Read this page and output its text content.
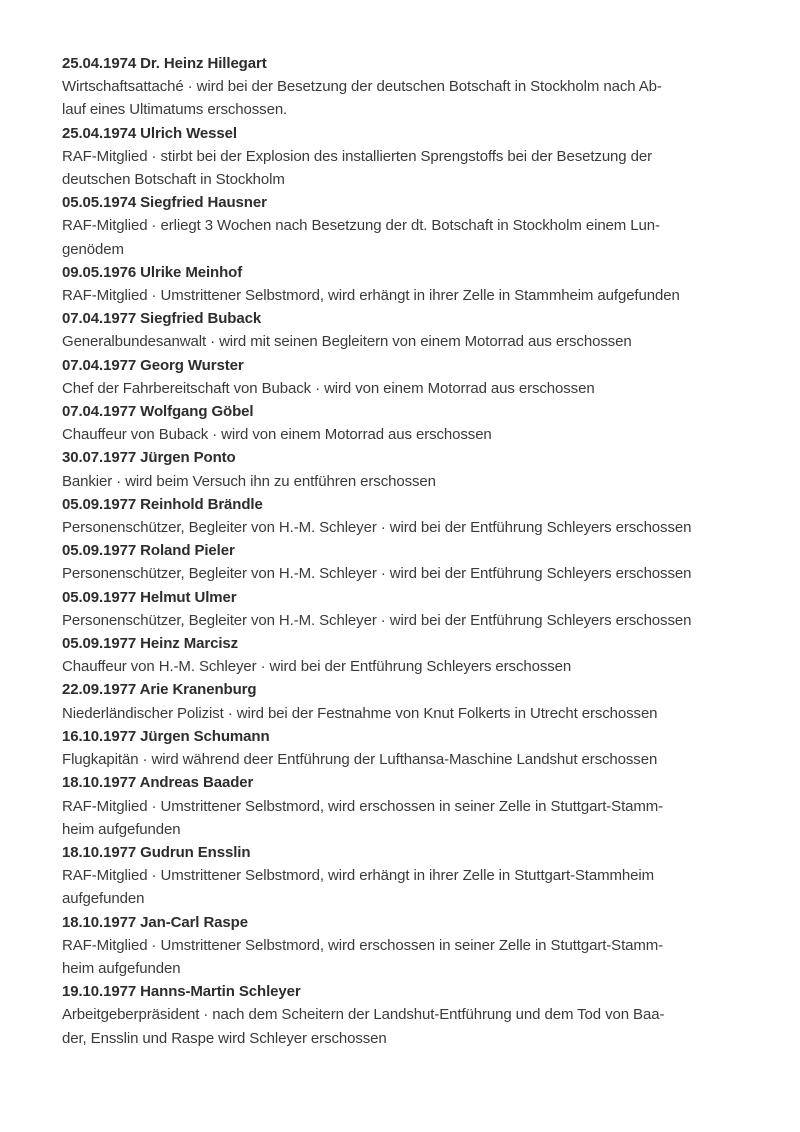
25.04.1974 Dr. Heinz Hillegart
Wirtschaftsattaché · wird bei der Besetzung der deutschen Botschaft in Stockholm nach Ab-
lauf eines Ultimatums erschossen.
25.04.1974 Ulrich Wessel
RAF-Mitglied · stirbt bei der Explosion des installierten Sprengstoffs bei der Besetzung der
deutschen Botschaft in Stockholm
05.05.1974 Siegfried Hausner
RAF-Mitglied · erliegt 3 Wochen nach Besetzung der dt. Botschaft in Stockholm einem Lun-
genödem
09.05.1976 Ulrike Meinhof
RAF-Mitglied · Umstrittener Selbstmord, wird erhängt in ihrer Zelle in Stammheim aufgefunden
07.04.1977 Siegfried Buback
Generalbundesanwalt · wird mit seinen Begleitern von einem Motorrad aus erschossen
07.04.1977 Georg Wurster
Chef der Fahrbereitschaft von Buback · wird von einem Motorrad aus erschossen
07.04.1977 Wolfgang Göbel
Chauffeur von Buback · wird von einem Motorrad aus erschossen
30.07.1977 Jürgen Ponto
Bankier · wird beim Versuch ihn zu entführen erschossen
05.09.1977 Reinhold Brändle
Personenschützer, Begleiter von H.-M. Schleyer · wird bei der Entführung Schleyers erschossen
05.09.1977 Roland Pieler
Personenschützer, Begleiter von H.-M. Schleyer · wird bei der Entführung Schleyers erschossen
05.09.1977 Helmut Ulmer
Personenschützer, Begleiter von H.-M. Schleyer · wird bei der Entführung Schleyers erschossen
05.09.1977 Heinz Marcisz
Chauffeur von H.-M. Schleyer · wird bei der Entführung Schleyers erschossen
22.09.1977 Arie Kranenburg
Niederländischer Polizist · wird bei der Festnahme von Knut Folkerts in Utrecht erschossen
16.10.1977 Jürgen Schumann
Flugkapitän · wird während deer Entführung der Lufthansa-Maschine Landshut erschossen
18.10.1977 Andreas Baader
RAF-Mitglied · Umstrittener Selbstmord, wird erschossen in seiner Zelle in Stuttgart-Stamm-
heim aufgefunden
18.10.1977 Gudrun Ensslin
RAF-Mitglied · Umstrittener Selbstmord, wird erhängt in ihrer Zelle in Stuttgart-Stammheim
aufgefunden
18.10.1977 Jan-Carl Raspe
RAF-Mitglied · Umstrittener Selbstmord, wird erschossen in seiner Zelle in Stuttgart-Stamm-
heim aufgefunden
19.10.1977 Hanns-Martin Schleyer
Arbeitgeberpräsident · nach dem Scheitern der Landshut-Entführung und dem Tod von Baa-
der, Ensslin und Raspe wird Schleyer erschossen
